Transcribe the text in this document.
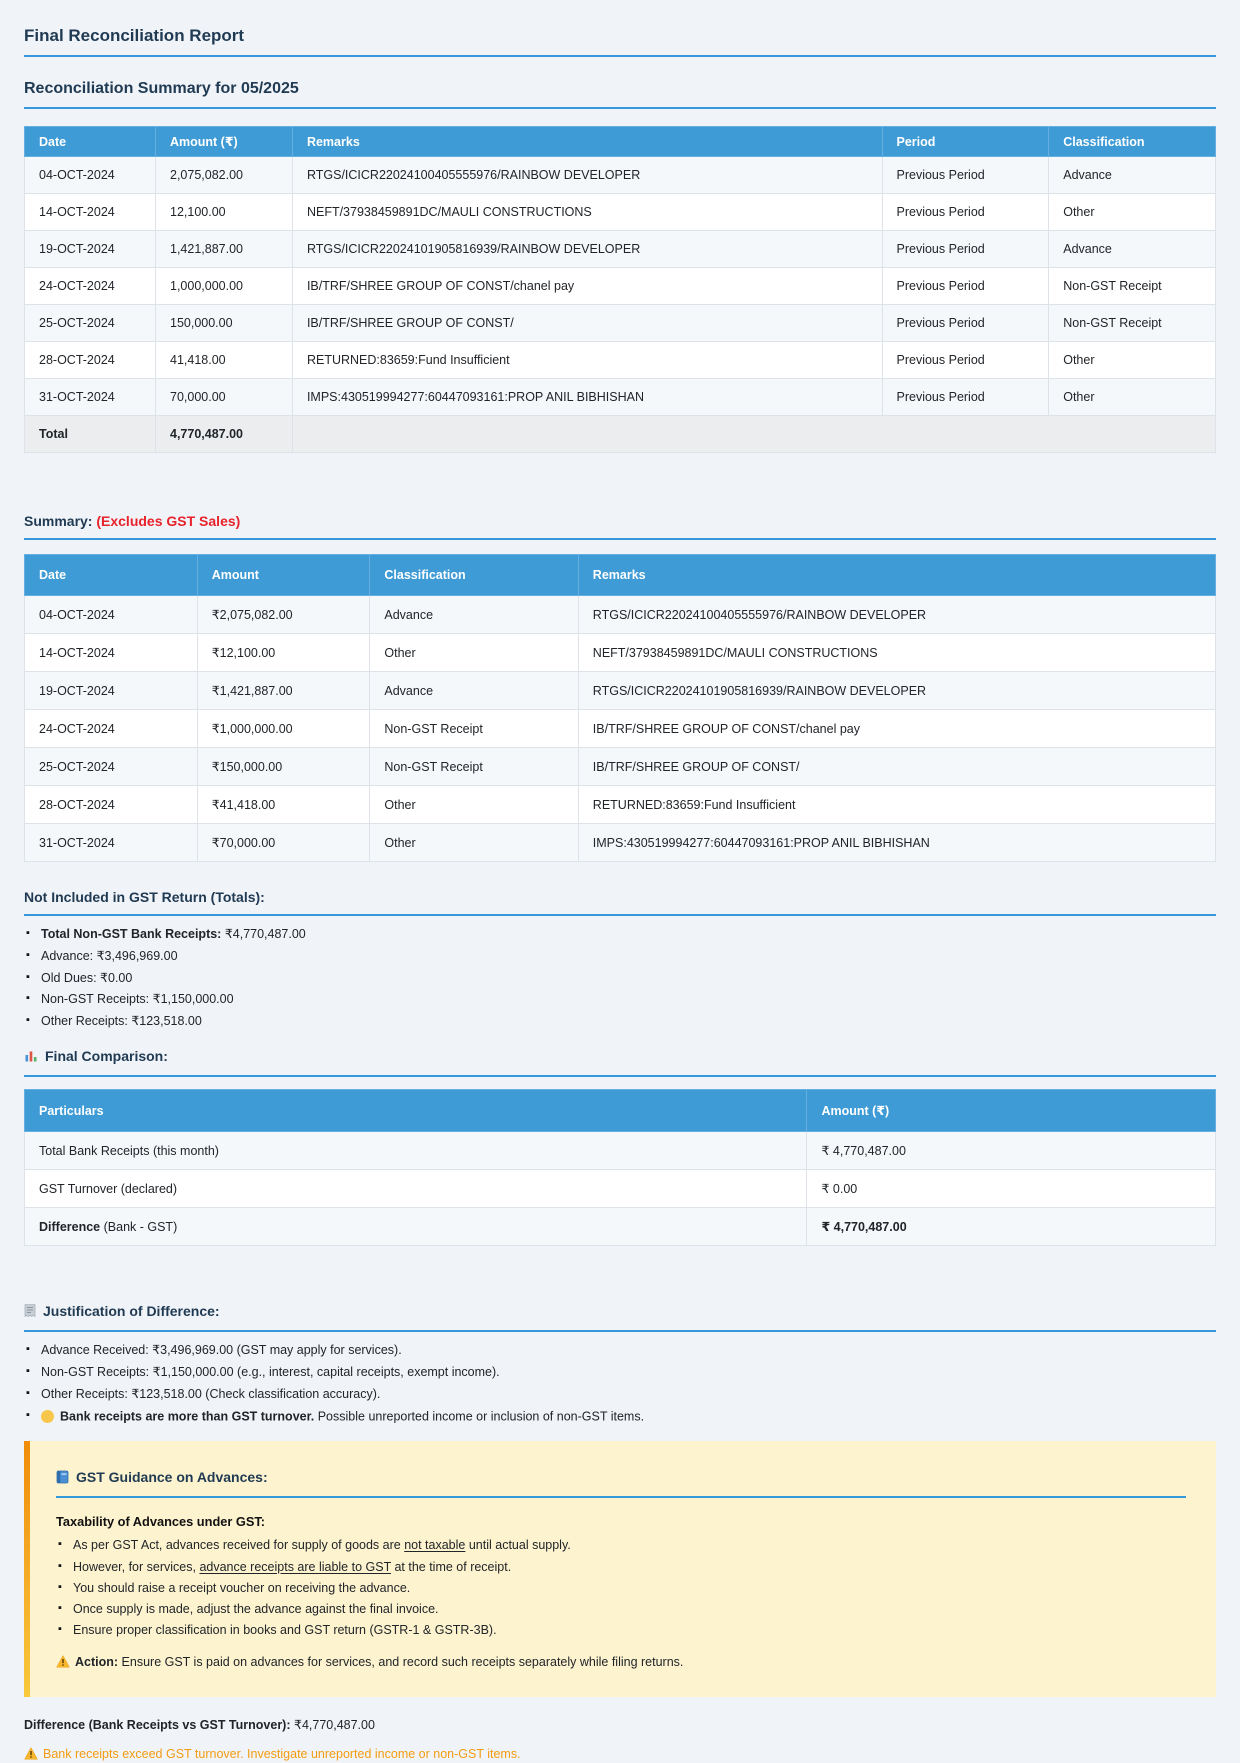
Final Reconciliation Report
Reconciliation Summary for 05/2025
Date	Amount (₹)	Remarks	Period	Classification
04-OCT-2024	2,075,082.00	RTGS/ICICR22024100405555976/RAINBOW DEVELOPER	Previous Period	Advance
14-OCT-2024	12,100.00	NEFT/37938459891DC/MAULI CONSTRUCTIONS	Previous Period	Other
19-OCT-2024	1,421,887.00	RTGS/ICICR22024101905816939/RAINBOW DEVELOPER	Previous Period	Advance
24-OCT-2024	1,000,000.00	IB/TRF/SHREE GROUP OF CONST/chanel pay	Previous Period	Non-GST Receipt
25-OCT-2024	150,000.00	IB/TRF/SHREE GROUP OF CONST/	Previous Period	Non-GST Receipt
28-OCT-2024	41,418.00	RETURNED:83659:Fund Insufficient	Previous Period	Other
31-OCT-2024	70,000.00	IMPS:430519994277:60447093161:PROP ANIL BIBHISHAN	Previous Period	Other
Total	4,770,487.00			
Summary: (Excludes GST Sales)
Date	Amount	Classification	Remarks
04-OCT-2024	₹2,075,082.00	Advance	RTGS/ICICR22024100405555976/RAINBOW DEVELOPER
14-OCT-2024	₹12,100.00	Other	NEFT/37938459891DC/MAULI CONSTRUCTIONS
19-OCT-2024	₹1,421,887.00	Advance	RTGS/ICICR22024101905816939/RAINBOW DEVELOPER
24-OCT-2024	₹1,000,000.00	Non-GST Receipt	IB/TRF/SHREE GROUP OF CONST/chanel pay
25-OCT-2024	₹150,000.00	Non-GST Receipt	IB/TRF/SHREE GROUP OF CONST/
28-OCT-2024	₹41,418.00	Other	RETURNED:83659:Fund Insufficient
31-OCT-2024	₹70,000.00	Other	IMPS:430519994277:60447093161:PROP ANIL BIBHISHAN
Not Included in GST Return (Totals):
▪ Total Non-GST Bank Receipts: ₹4,770,487.00
▪ Advance: ₹3,496,969.00
▪ Old Dues: ₹0.00
▪ Non-GST Receipts: ₹1,150,000.00
▪ Other Receipts: ₹123,518.00
Final Comparison:
Particulars	Amount (₹)
Total Bank Receipts (this month)	₹ 4,770,487.00
GST Turnover (declared)	₹ 0.00
Difference (Bank - GST)	₹ 4,770,487.00
Justification of Difference:
▪ Advance Received: ₹3,496,969.00 (GST may apply for services).
▪ Non-GST Receipts: ₹1,150,000.00 (e.g., interest, capital receipts, exempt income).
▪ Other Receipts: ₹123,518.00 (Check classification accuracy).
▪ Bank receipts are more than GST turnover. Possible unreported income or inclusion of non-GST items.
GST Guidance on Advances:

Taxability of Advances under GST:

▪ As per GST Act, advances received for supply of goods are not taxable until actual supply.
▪ However, for services, advance receipts are liable to GST at the time of receipt.
▪ You should raise a receipt voucher on receiving the advance.
▪ Once supply is made, adjust the advance against the final invoice.
▪ Ensure proper classification in books and GST return (GSTR-1 & GSTR-3B).

Action: Ensure GST is paid on advances for services, and record such receipts separately while filing returns.

Difference (Bank Receipts vs GST Turnover): ₹4,770,487.00

Bank receipts exceed GST turnover. Investigate unreported income or non-GST items.
